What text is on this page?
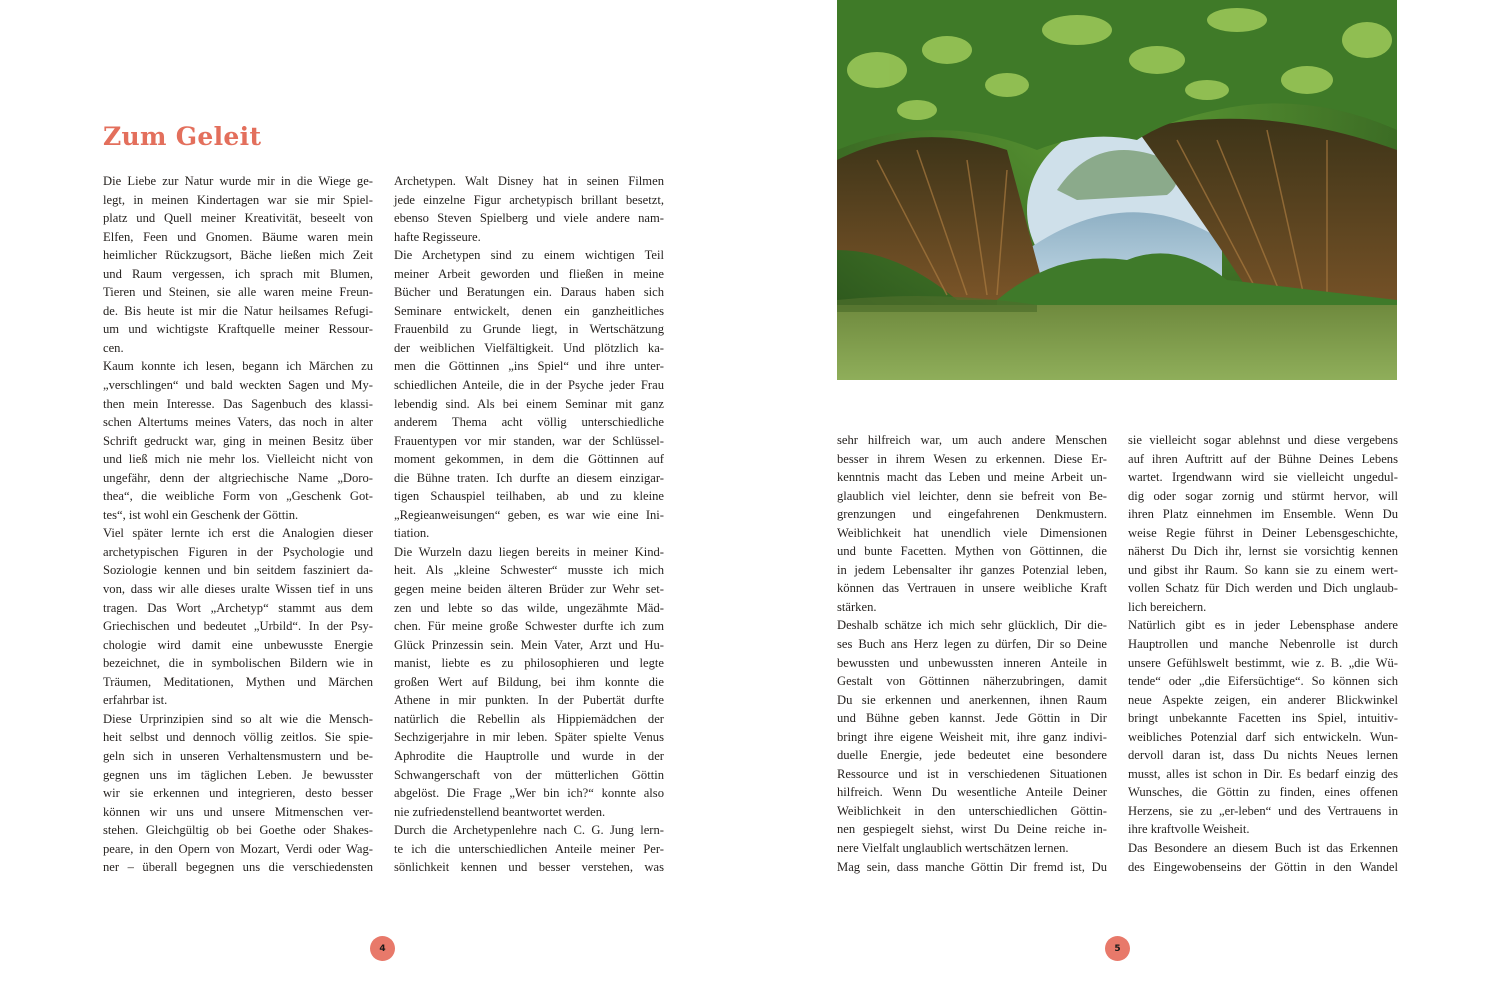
Zum Geleit
Die Liebe zur Natur wurde mir in die Wiege ge-
legt, in meinen Kindertagen war sie mir Spiel-
platz und Quell meiner Kreativität, beseelt von
Elfen, Feen und Gnomen. Bäume waren mein
heimlicher Rückzugsort, Bäche ließen mich Zeit
und Raum vergessen, ich sprach mit Blumen,
Tieren und Steinen, sie alle waren meine Freun-
de. Bis heute ist mir die Natur heilsames Refugi-
um und wichtigste Kraftquelle meiner Ressour-
cen.
Kaum konnte ich lesen, begann ich Märchen zu
„verschlingen“ und bald weckten Sagen und My-
then mein Interesse. Das Sagenbuch des klassi-
schen Altertums meines Vaters, das noch in alter
Schrift gedruckt war, ging in meinen Besitz über
und ließ mich nie mehr los. Vielleicht nicht von
ungefähr, denn der altgriechische Name „Doro-
thea“, die weibliche Form von „Geschenk Got-
tes“, ist wohl ein Geschenk der Göttin.
Viel später lernte ich erst die Analogien dieser
archetypischen Figuren in der Psychologie und
Soziologie kennen und bin seitdem fasziniert da-
von, dass wir alle dieses uralte Wissen tief in uns
tragen. Das Wort „Archetyp“ stammt aus dem
Griechischen und bedeutet „Urbild“. In der Psy-
chologie wird damit eine unbewusste Energie
bezeichnet, die in symbolischen Bildern wie in
Träumen, Meditationen, Mythen und Märchen
erfahrbar ist.
Diese Urprinzipien sind so alt wie die Mensch-
heit selbst und dennoch völlig zeitlos. Sie spie-
geln sich in unseren Verhaltensmustern und be-
gegnen uns im täglichen Leben. Je bewusster
wir sie erkennen und integrieren, desto besser
können wir uns und unsere Mitmenschen ver-
stehen. Gleichgültig ob bei Goethe oder Shakes-
peare, in den Opern von Mozart, Verdi oder Wag-
ner – überall begegnen uns die verschiedensten
Archetypen. Walt Disney hat in seinen Filmen
jede einzelne Figur archetypisch brillant besetzt,
ebenso Steven Spielberg und viele andere nam-
hafte Regisseure.
Die Archetypen sind zu einem wichtigen Teil
meiner Arbeit geworden und fließen in meine
Bücher und Beratungen ein. Daraus haben sich
Seminare entwickelt, denen ein ganzheitliches
Frauenbild zu Grunde liegt, in Wertschätzung
der weiblichen Vielfältigkeit. Und plötzlich ka-
men die Göttinnen „ins Spiel“ und ihre unter-
schiedlichen Anteile, die in der Psyche jeder Frau
lebendig sind. Als bei einem Seminar mit ganz
anderem Thema acht völlig unterschiedliche
Frauentypen vor mir standen, war der Schlüssel-
moment gekommen, in dem die Göttinnen auf
die Bühne traten. Ich durfte an diesem einzigar-
tigen Schauspiel teilhaben, ab und zu kleine
„Regieanweisungen“ geben, es war wie eine Ini-
tiation.
Die Wurzeln dazu liegen bereits in meiner Kind-
heit. Als „kleine Schwester“ musste ich mich
gegen meine beiden älteren Brüder zur Wehr set-
zen und lebte so das wilde, ungezähmte Mäd-
chen. Für meine große Schwester durfte ich zum
Glück Prinzessin sein. Mein Vater, Arzt und Hu-
manist, liebte es zu philosophieren und legte
großen Wert auf Bildung, bei ihm konnte die
Athene in mir punkten. In der Pubertät durfte
natürlich die Rebellin als Hippiemädchen der
Sechzigerjahre in mir leben. Später spielte Venus
Aphrodite die Hauptrolle und wurde in der
Schwangerschaft von der mütterlichen Göttin
abgelöst. Die Frage „Wer bin ich?“ konnte also
nie zufriedenstellend beantwortet werden.
Durch die Archetypenlehre nach C. G. Jung lern-
te ich die unterschiedlichen Anteile meiner Per-
sönlichkeit kennen und besser verstehen, was
4
sehr hilfreich war, um auch andere Menschen
besser in ihrem Wesen zu erkennen. Diese Er-
kenntnis macht das Leben und meine Arbeit un-
glaublich viel leichter, denn sie befreit von Be-
grenzungen und eingefahrenen Denkmustern.
Weiblichkeit hat unendlich viele Dimensionen
und bunte Facetten. Mythen von Göttinnen, die
in jedem Lebensalter ihr ganzes Potenzial leben,
können das Vertrauen in unsere weibliche Kraft
stärken.
Deshalb schätze ich mich sehr glücklich, Dir die-
ses Buch ans Herz legen zu dürfen, Dir so Deine
bewussten und unbewussten inneren Anteile in
Gestalt von Göttinnen näherzubringen, damit
Du sie erkennen und anerkennen, ihnen Raum
und Bühne geben kannst. Jede Göttin in Dir
bringt ihre eigene Weisheit mit, ihre ganz indivi-
duelle Energie, jede bedeutet eine besondere
Ressource und ist in verschiedenen Situationen
hilfreich. Wenn Du wesentliche Anteile Deiner
Weiblichkeit in den unterschiedlichen Göttin-
nen gespiegelt siehst, wirst Du Deine reiche in-
nere Vielfalt unglaublich wertschätzen lernen.
Mag sein, dass manche Göttin Dir fremd ist, Du
sie vielleicht sogar ablehnst und diese vergebens
auf ihren Auftritt auf der Bühne Deines Lebens
wartet. Irgendwann wird sie vielleicht ungedul-
dig oder sogar zornig und stürmt hervor, will
ihren Platz einnehmen im Ensemble. Wenn Du
weise Regie führst in Deiner Lebensgeschichte,
näherst Du Dich ihr, lernst sie vorsichtig kennen
und gibst ihr Raum. So kann sie zu einem wert-
vollen Schatz für Dich werden und Dich unglaub-
lich bereichern.
Natürlich gibt es in jeder Lebensphase andere
Hauptrollen und manche Nebenrolle ist durch
unsere Gefühlswelt bestimmt, wie z. B. „die Wü-
tende“ oder „die Eifersüchtige“. So können sich
neue Aspekte zeigen, ein anderer Blickwinkel
bringt unbekannte Facetten ins Spiel, intuitiv-
weibliches Potenzial darf sich entwickeln. Wun-
dervoll daran ist, dass Du nichts Neues lernen
musst, alles ist schon in Dir. Es bedarf einzig des
Wunsches, die Göttin zu finden, eines offenen
Herzens, sie zu „er-leben“ und des Vertrauens in
ihre kraftvolle Weisheit.
Das Besondere an diesem Buch ist das Erkennen
des Eingewobenseins der Göttin in den Wandel
5
